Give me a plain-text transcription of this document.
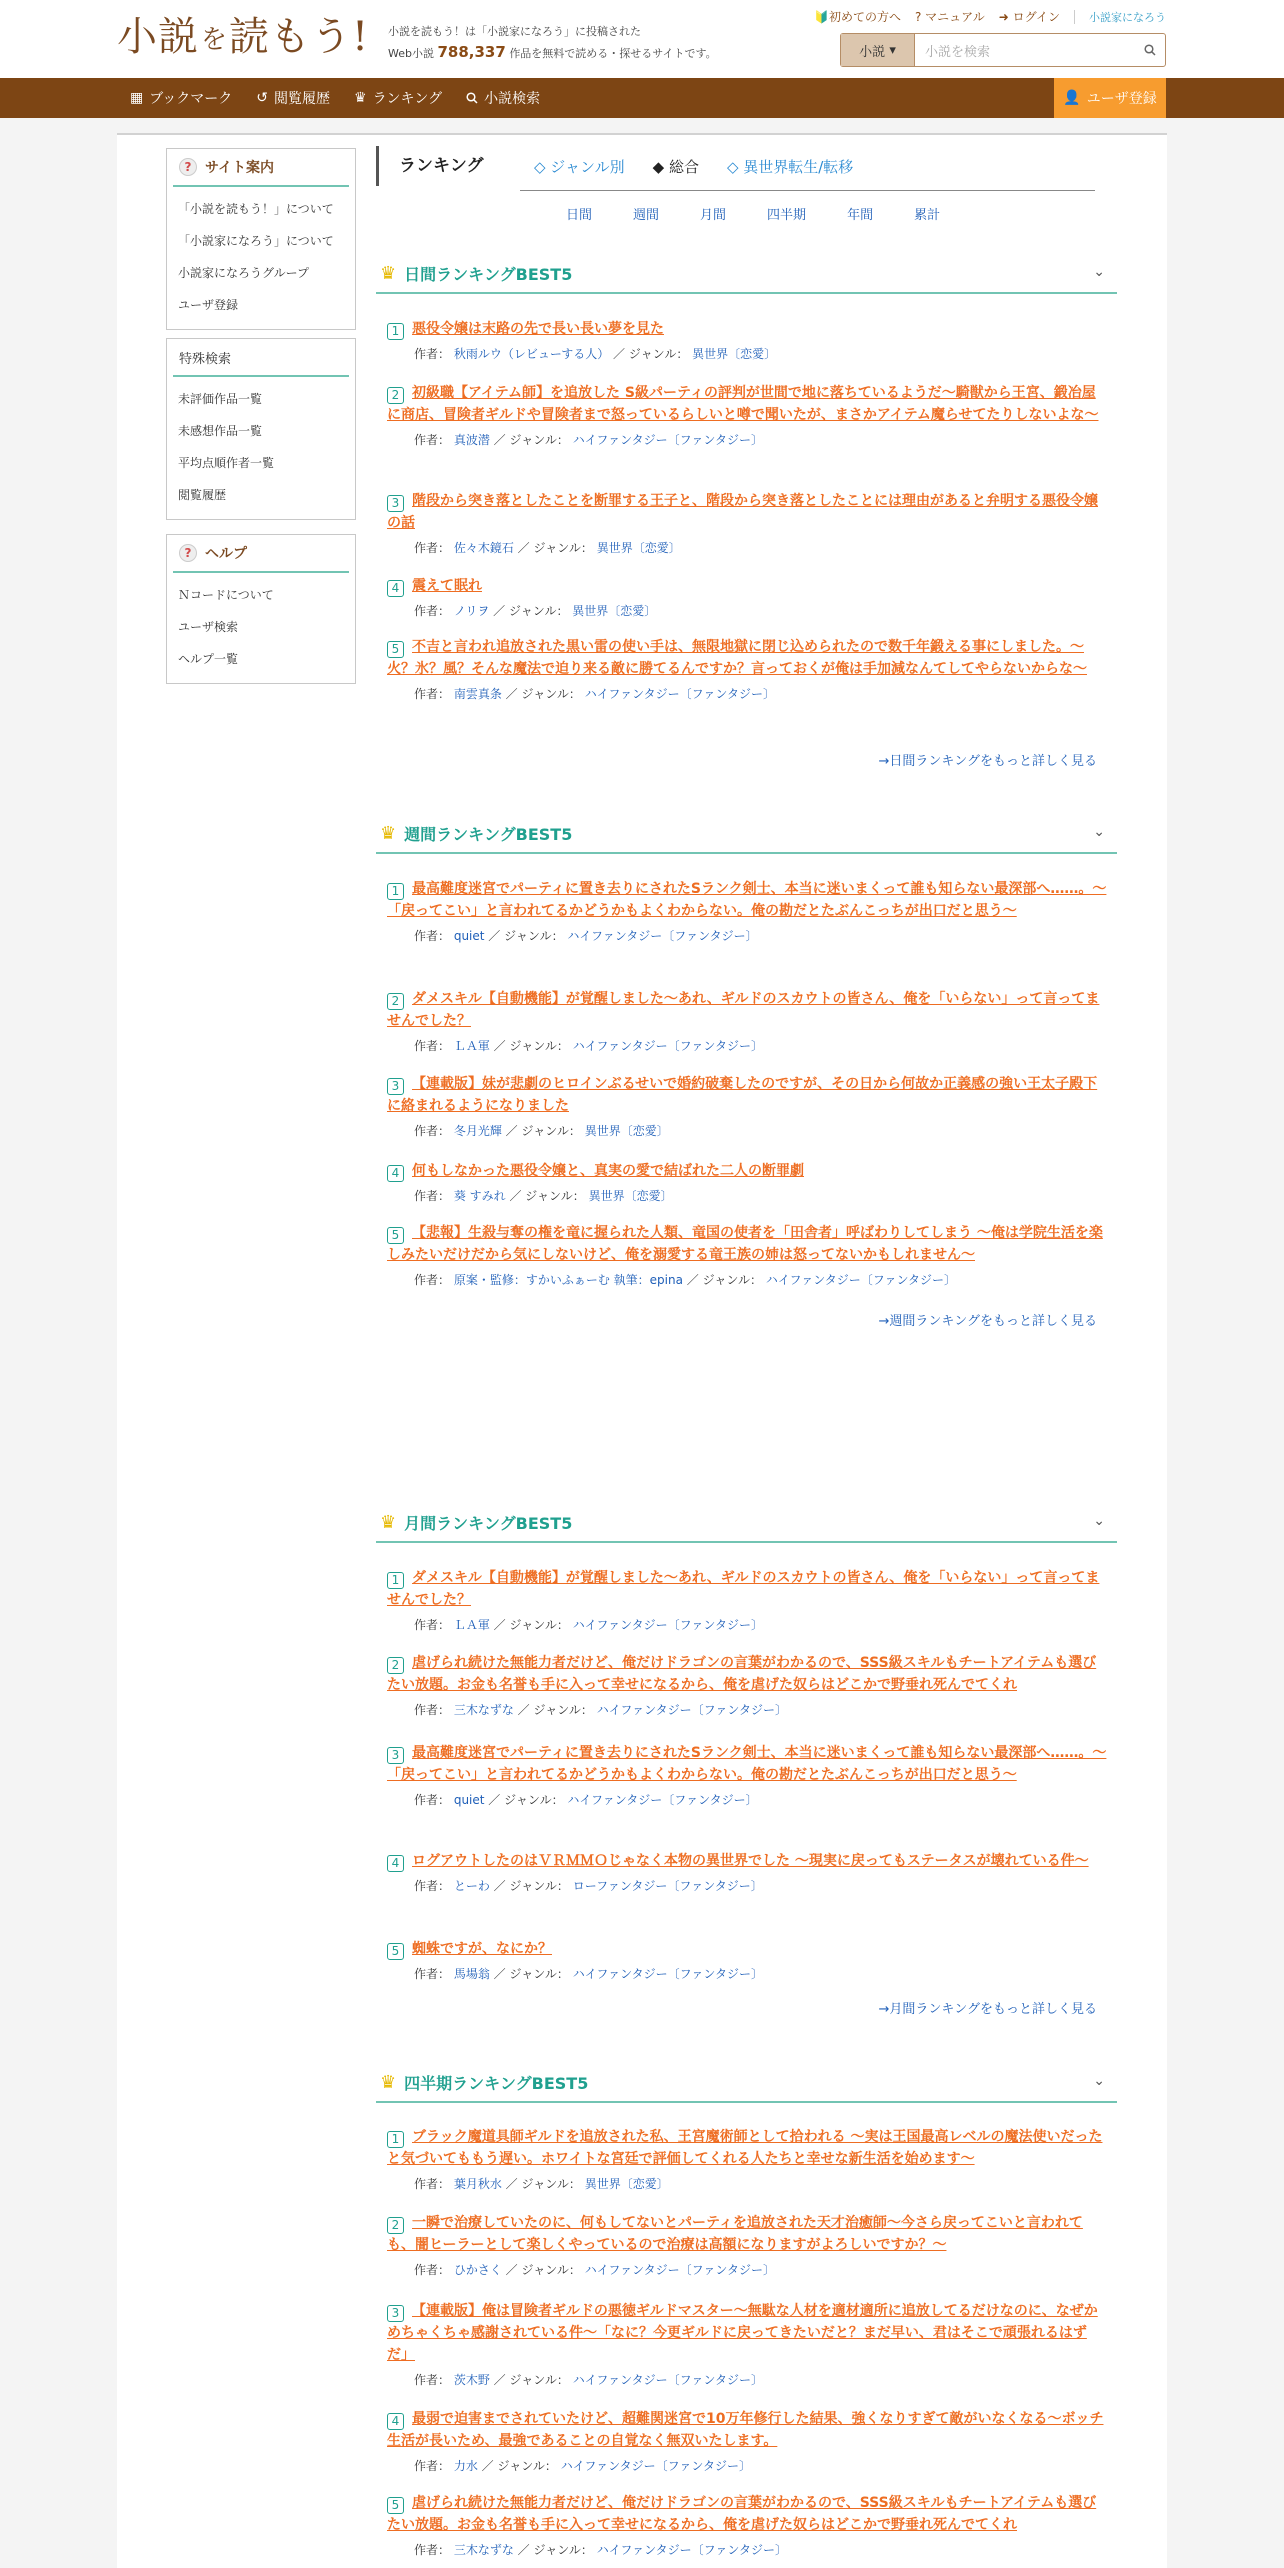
小説 を 読もう! 小説を読もう！は「小説家になろう」に投稿された
Web小説 788,337 作品を無料で読める・探せるサイトです。
🔰初めての方へ ? マニュアル ➜ ログイン	小説家になろう
小説
▾	小説を検索
▦ ブックマーク ↺ 閲覧履歴 ♛ ランキング	小説検索	👤 ユーザ登録
? サイト案内
「小説を読もう！」について
「小説家になろう」について
小説家になろうグループ
ユーザ登録
特殊検索
未評価作品一覧
未感想作品一覧
平均点順作者一覧
閲覧履歴
? ヘルプ
Ｎコードについて
ユーザ検索
ヘルプ一覧
ランキング	◇ ジャンル別 ◆ 総合 ◇ 異世界転生/転移
日間	週間	月間	四半期	年間	累計
♛ 日間ランキングBEST5	⌄
1 悪役令嬢は末路の先で長い長い夢を見た
作者： 秋雨ルウ（レビューする人） ／ ジャンル： 異世界〔恋愛〕
2 初級職【アイテム師】を追放した S級パーティの評判が世間で地に落ちているようだ〜騎獣から王宮、鍛冶屋に商店、冒険者ギルドや冒険者まで怒っているらしいと噂で聞いたが、まさかアイテム魔らせてたりしないよな〜
作者： 真波潜 ／ ジャンル： ハイファンタジー〔ファンタジー〕
3 階段から突き落としたことを断罪する王子と、階段から突き落としたことには理由があると弁明する悪役令嬢の話
作者： 佐々木鏡石 ／ ジャンル： 異世界〔恋愛〕
4 震えて眠れ
作者： ノリヲ ／ ジャンル： 異世界〔恋愛〕
5 不吉と言われ追放された黒い雷の使い手は、無限地獄に閉じ込められたので数千年鍛える事にしました。〜火？氷？風？そんな魔法で迫り来る敵に勝てるんですか？言っておくが俺は手加減なんてしてやらないからな〜
作者： 南雲真条 ／ ジャンル： ハイファンタジー〔ファンタジー〕
→日間ランキングをもっと詳しく見る
♛ 週間ランキングBEST5	⌄
1 最高難度迷宮でパーティに置き去りにされたSランク剣士、本当に迷いまくって誰も知らない最深部へ……。〜「戻ってこい」と言われてるかどうかもよくわからない。俺の勘だとたぶんこっちが出口だと思う〜
作者： quiet ／ ジャンル： ハイファンタジー〔ファンタジー〕
2 ダメスキル【自動機能】が覚醒しました〜あれ、ギルドのスカウトの皆さん、俺を「いらない」って言ってませんでした？
作者： ＬＡ軍 ／ ジャンル： ハイファンタジー〔ファンタジー〕
3 【連載版】妹が悲劇のヒロインぶるせいで婚約破棄したのですが、その日から何故か正義感の強い王太子殿下に絡まれるようになりました
作者： 冬月光輝 ／ ジャンル： 異世界〔恋愛〕
4 何もしなかった悪役令嬢と、真実の愛で結ばれた二人の断罪劇
作者： 葵 すみれ ／ ジャンル： 異世界〔恋愛〕
5 【悲報】生殺与奪の権を竜に握られた人類、竜国の使者を「田舎者」呼ばわりしてしまう 〜俺は学院生活を楽しみたいだけだから気にしないけど、俺を溺愛する竜王族の姉は怒ってないかもしれません〜
作者： 原案・監修：すかいふぁーむ 執筆：epina ／ ジャンル： ハイファンタジー〔ファンタジー〕
→週間ランキングをもっと詳しく見る
♛ 月間ランキングBEST5	⌄
1 ダメスキル【自動機能】が覚醒しました〜あれ、ギルドのスカウトの皆さん、俺を「いらない」って言ってませんでした？
作者： ＬＡ軍 ／ ジャンル： ハイファンタジー〔ファンタジー〕
2 虐げられ続けた無能力者だけど、俺だけドラゴンの言葉がわかるので、SSS級スキルもチートアイテムも選びたい放題。お金も名誉も手に入って幸せになるから、俺を虐げた奴らはどこかで野垂れ死んでてくれ
作者： 三木なずな ／ ジャンル： ハイファンタジー〔ファンタジー〕
3 最高難度迷宮でパーティに置き去りにされたSランク剣士、本当に迷いまくって誰も知らない最深部へ……。〜「戻ってこい」と言われてるかどうかもよくわからない。俺の勘だとたぶんこっちが出口だと思う〜
作者： quiet ／ ジャンル： ハイファンタジー〔ファンタジー〕
4 ログアウトしたのはＶＲＭＭＯじゃなく本物の異世界でした 〜現実に戻ってもステータスが壊れている件〜
作者： とーわ ／ ジャンル： ローファンタジー〔ファンタジー〕
5 蜘蛛ですが、なにか？
作者： 馬場翁 ／ ジャンル： ハイファンタジー〔ファンタジー〕
→月間ランキングをもっと詳しく見る
♛ 四半期ランキングBEST5	⌄
1 ブラック魔道具師ギルドを追放された私、王宮魔術師として拾われる 〜実は王国最高レベルの魔法使いだったと気づいてももう遅い。ホワイトな宮廷で評価してくれる人たちと幸せな新生活を始めます〜
作者： 葉月秋水 ／ ジャンル： 異世界〔恋愛〕
2 一瞬で治療していたのに、何もしてないとパーティを追放された天才治癒師〜今さら戻ってこいと言われても、闇ヒーラーとして楽しくやっているので治療は高額になりますがよろしいですか？〜
作者： ひかさく ／ ジャンル： ハイファンタジー〔ファンタジー〕
3 【連載版】俺は冒険者ギルドの悪徳ギルドマスター〜無駄な人材を適材適所に追放してるだけなのに、なぜかめちゃくちゃ感謝されている件〜「なに？今更ギルドに戻ってきたいだと？まだ早い、君はそこで頑張れるはずだ」
作者： 茨木野 ／ ジャンル： ハイファンタジー〔ファンタジー〕
4 最弱で迫害までされていたけど、超難関迷宮で10万年修行した結果、強くなりすぎて敵がいなくなる〜ボッチ生活が長いため、最強であることの自覚なく無双いたします。
作者： 力水 ／ ジャンル： ハイファンタジー〔ファンタジー〕
5 虐げられ続けた無能力者だけど、俺だけドラゴンの言葉がわかるので、SSS級スキルもチートアイテムも選びたい放題。お金も名誉も手に入って幸せになるから、俺を虐げた奴らはどこかで野垂れ死んでてくれ
作者： 三木なずな ／ ジャンル： ハイファンタジー〔ファンタジー〕
